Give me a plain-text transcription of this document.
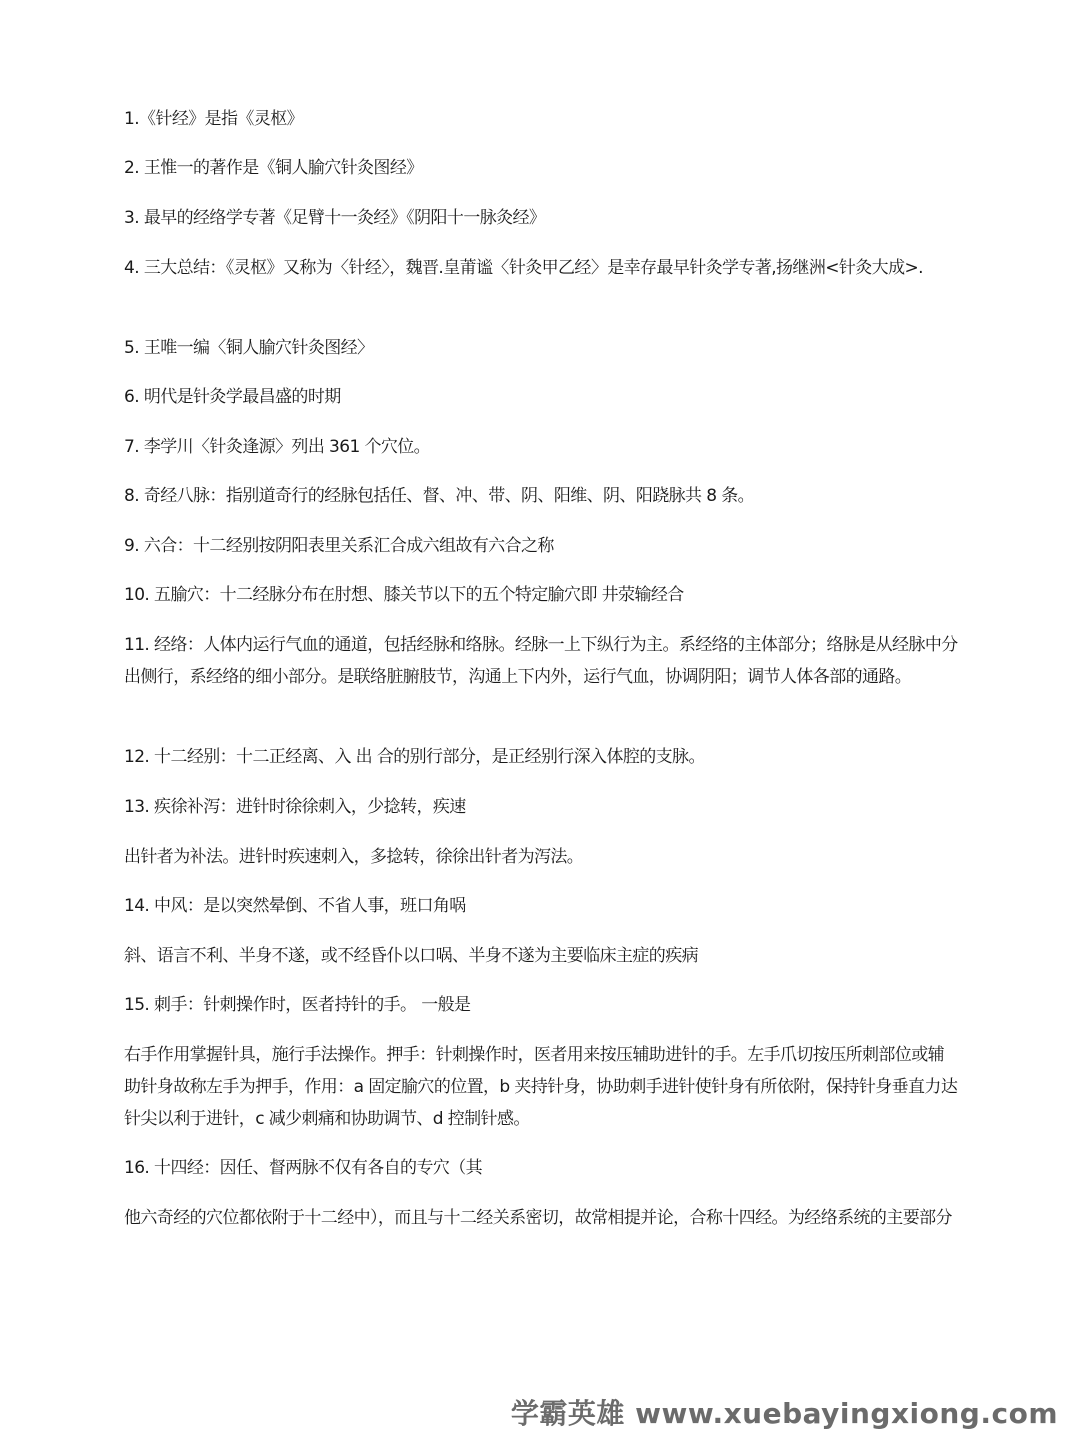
1.《针经》是指《灵枢》

2. 王惟一的著作是《铜人腧穴针灸图经》

3. 最早的经络学专著《足臂十一灸经》《阴阳十一脉灸经》

4. 三大总结：《灵枢》又称为〈针经〉，魏晋.皇莆谧〈针灸甲乙经〉是幸存最早针灸学专著,扬继洲<针灸大成>.

5. 王唯一编〈铜人腧穴针灸图经〉

6. 明代是针灸学最昌盛的时期

7. 李学川〈针灸逢源〉列出 361 个穴位。

8. 奇经八脉：指别道奇行的经脉包括任、督、冲、带、阴、阳维、阴、阳跷脉共 8 条。

9. 六合：十二经别按阴阳表里关系汇合成六组故有六合之称

10. 五腧穴：十二经脉分布在肘想、膝关节以下的五个特定腧穴即 井荥输经合

11. 经络：人体内运行气血的通道，包括经脉和络脉。经脉一上下纵行为主。系经络的主体部分；络脉是从经脉中分出侧行，系经络的细小部分。是联络脏腑肢节，沟通上下内外，运行气血，协调阴阳；调节人体各部的通路。

12. 十二经别：十二正经离、入 出 合的别行部分，是正经别行深入体腔的支脉。

13. 疾徐补泻：进针时徐徐刺入，少捻转，疾速

出针者为补法。进针时疾速刺入，多捻转，徐徐出针者为泻法。

14. 中风：是以突然晕倒、不省人事，班口角㖞

斜、语言不利、半身不遂，或不经昏仆以口㖞、半身不遂为主要临床主症的疾病

15. 刺手：针刺操作时，医者持针的手。 一般是

右手作用掌握针具，施行手法操作。押手：针刺操作时，医者用来按压辅助进针的手。左手爪切按压所刺部位或辅助针身故称左手为押手，作用：a 固定腧穴的位置，b 夹持针身，协助刺手进针使针身有所依附，保持针身垂直力达针尖以利于进针，c 减少刺痛和协助调节、d 控制针感。

16. 十四经：因任、督两脉不仅有各自的专穴（其

他六奇经的穴位都依附于十二经中），而且与十二经关系密切，故常相提并论，合称十四经。为经络系统的主要部分

学霸英雄 www.xuebayingxiong.com
